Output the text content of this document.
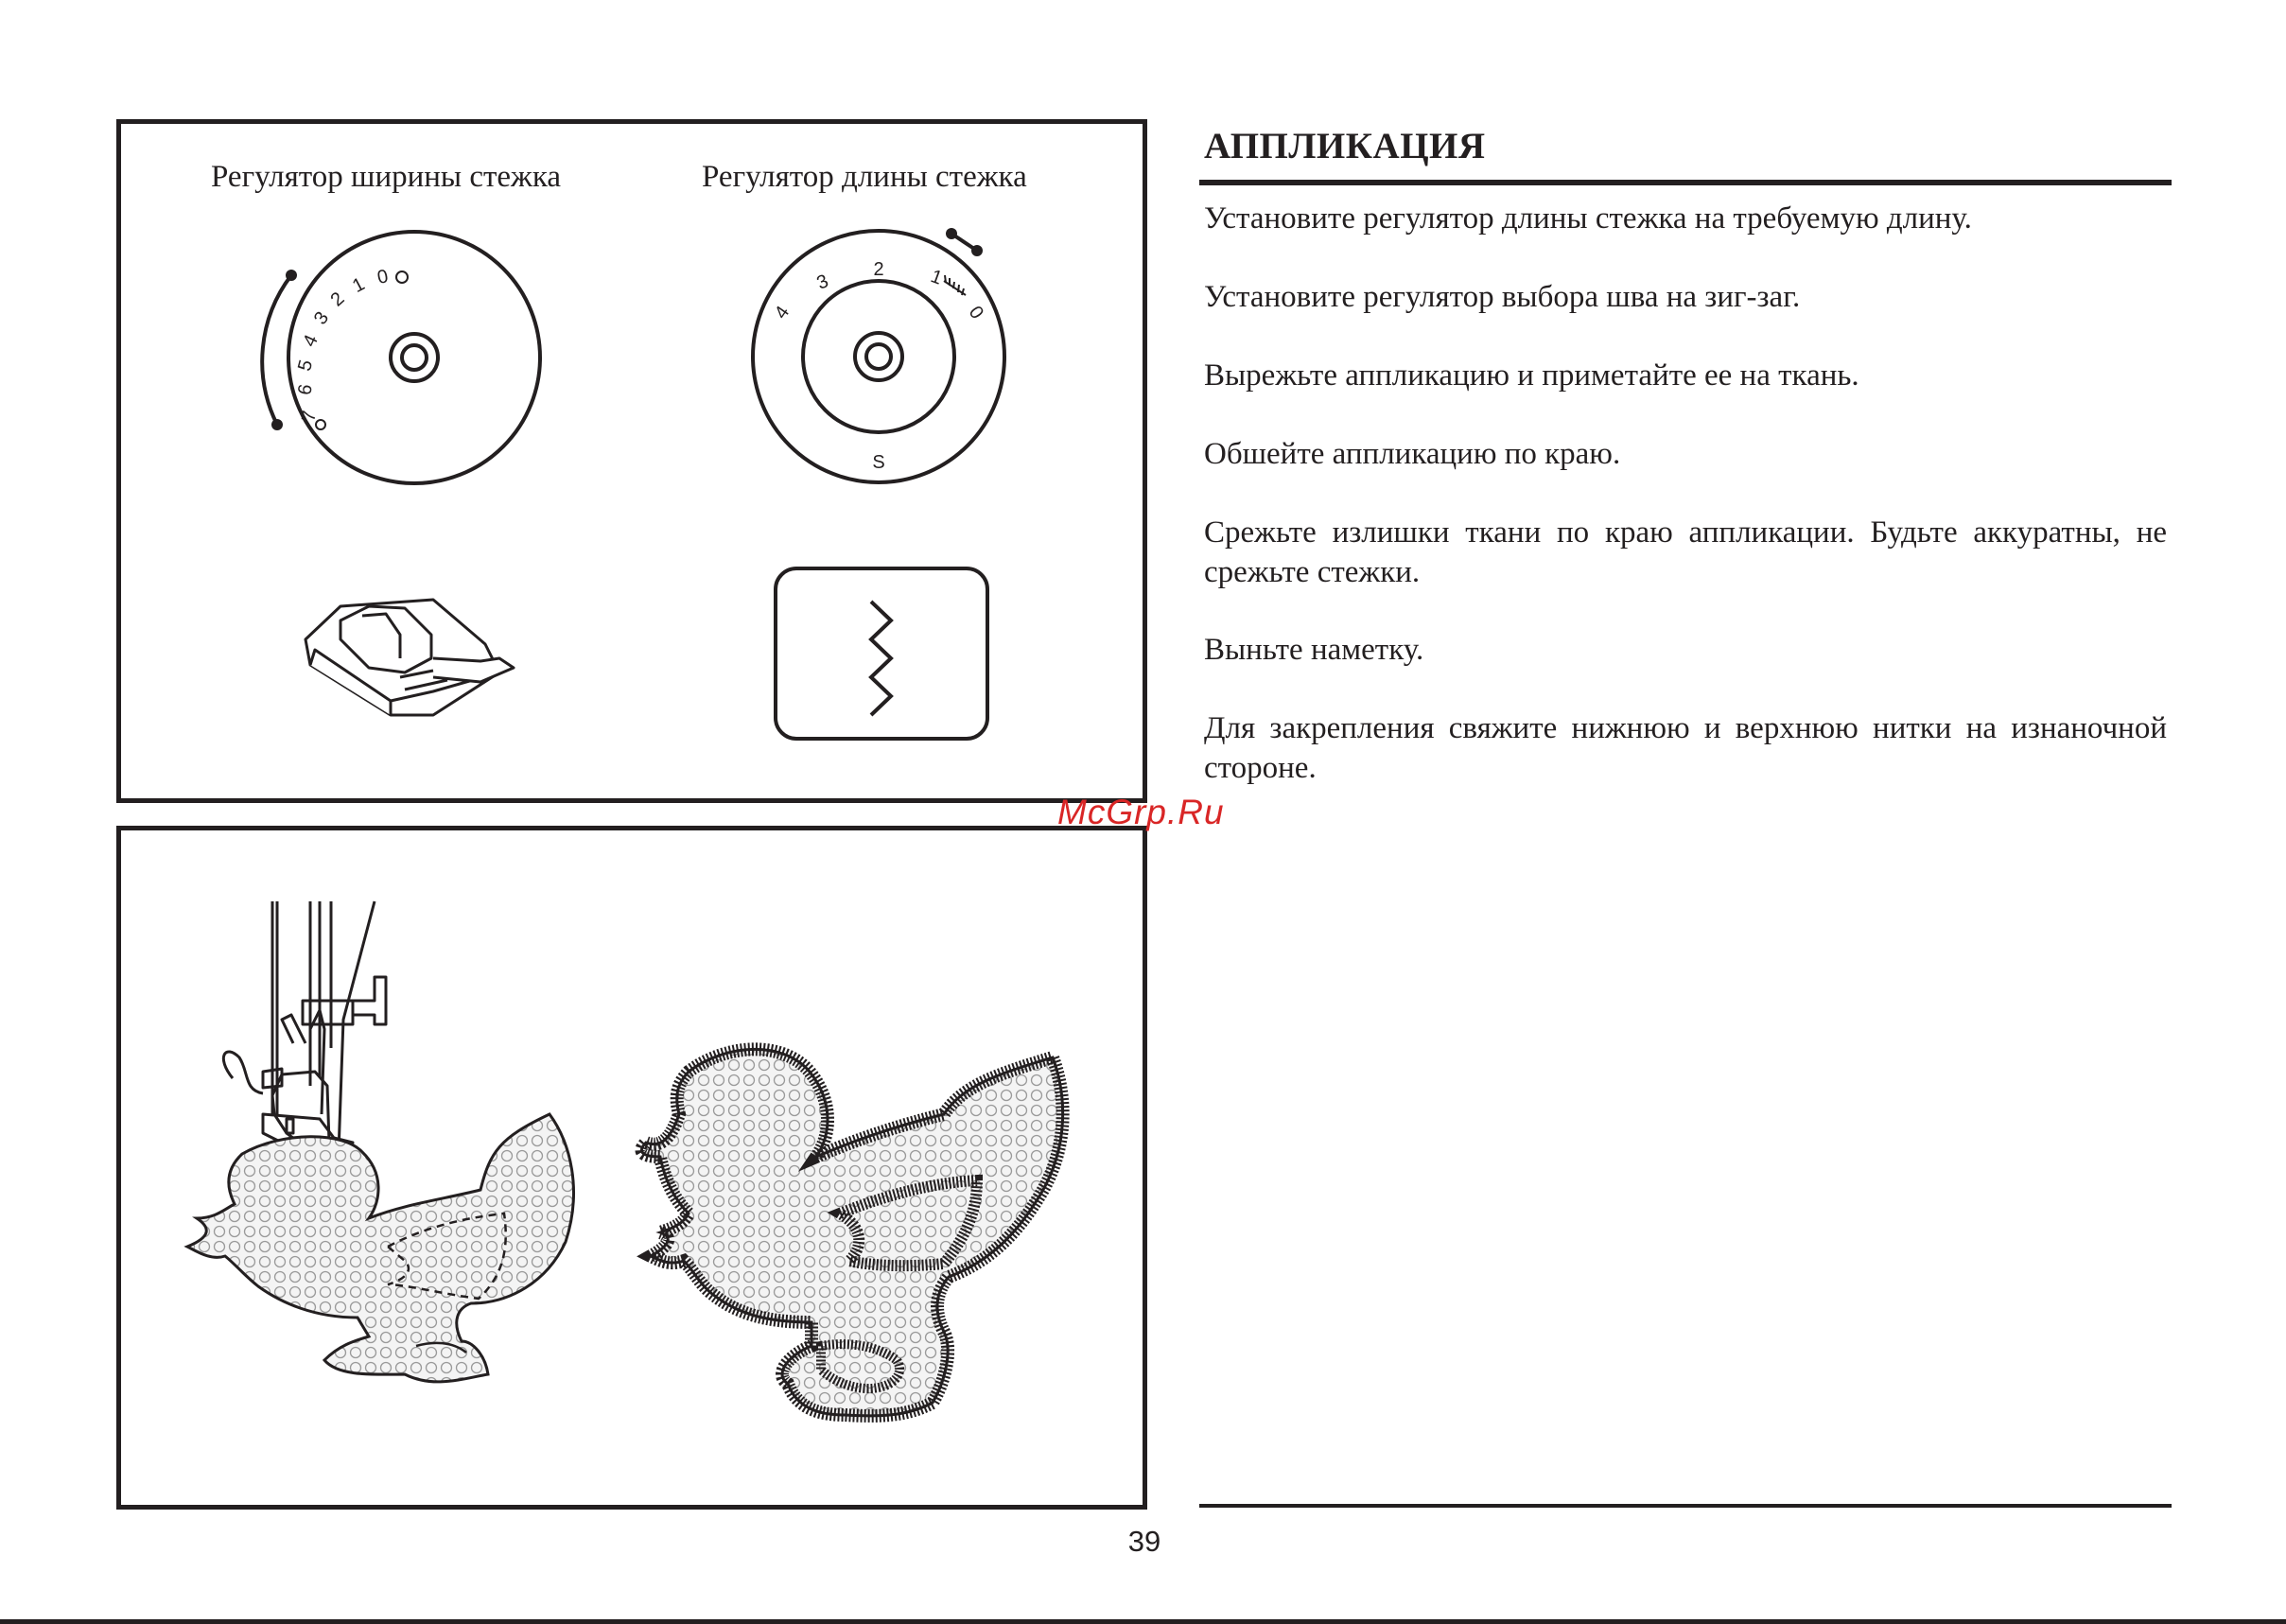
Регулятор ширины стежка	Регулятор длины стежка
7
6
5
4
3
2
1 0
4
3
2 1
0
S
АППЛИКАЦИЯ

Установите регулятор длины стежка на требуемую длину.

Установите регулятор выбора шва на зиг-заг.

Вырежьте аппликацию и приметайте ее на ткань.

Обшейте аппликацию по краю.

Срежьте излишки ткани по краю аппликации. Будьте аккуратны, не срежьте стежки.

Выньте наметку.

Для закрепления свяжите нижнюю и верхнюю нитки на изнаночной стороне.

McGrp.Ru
39
